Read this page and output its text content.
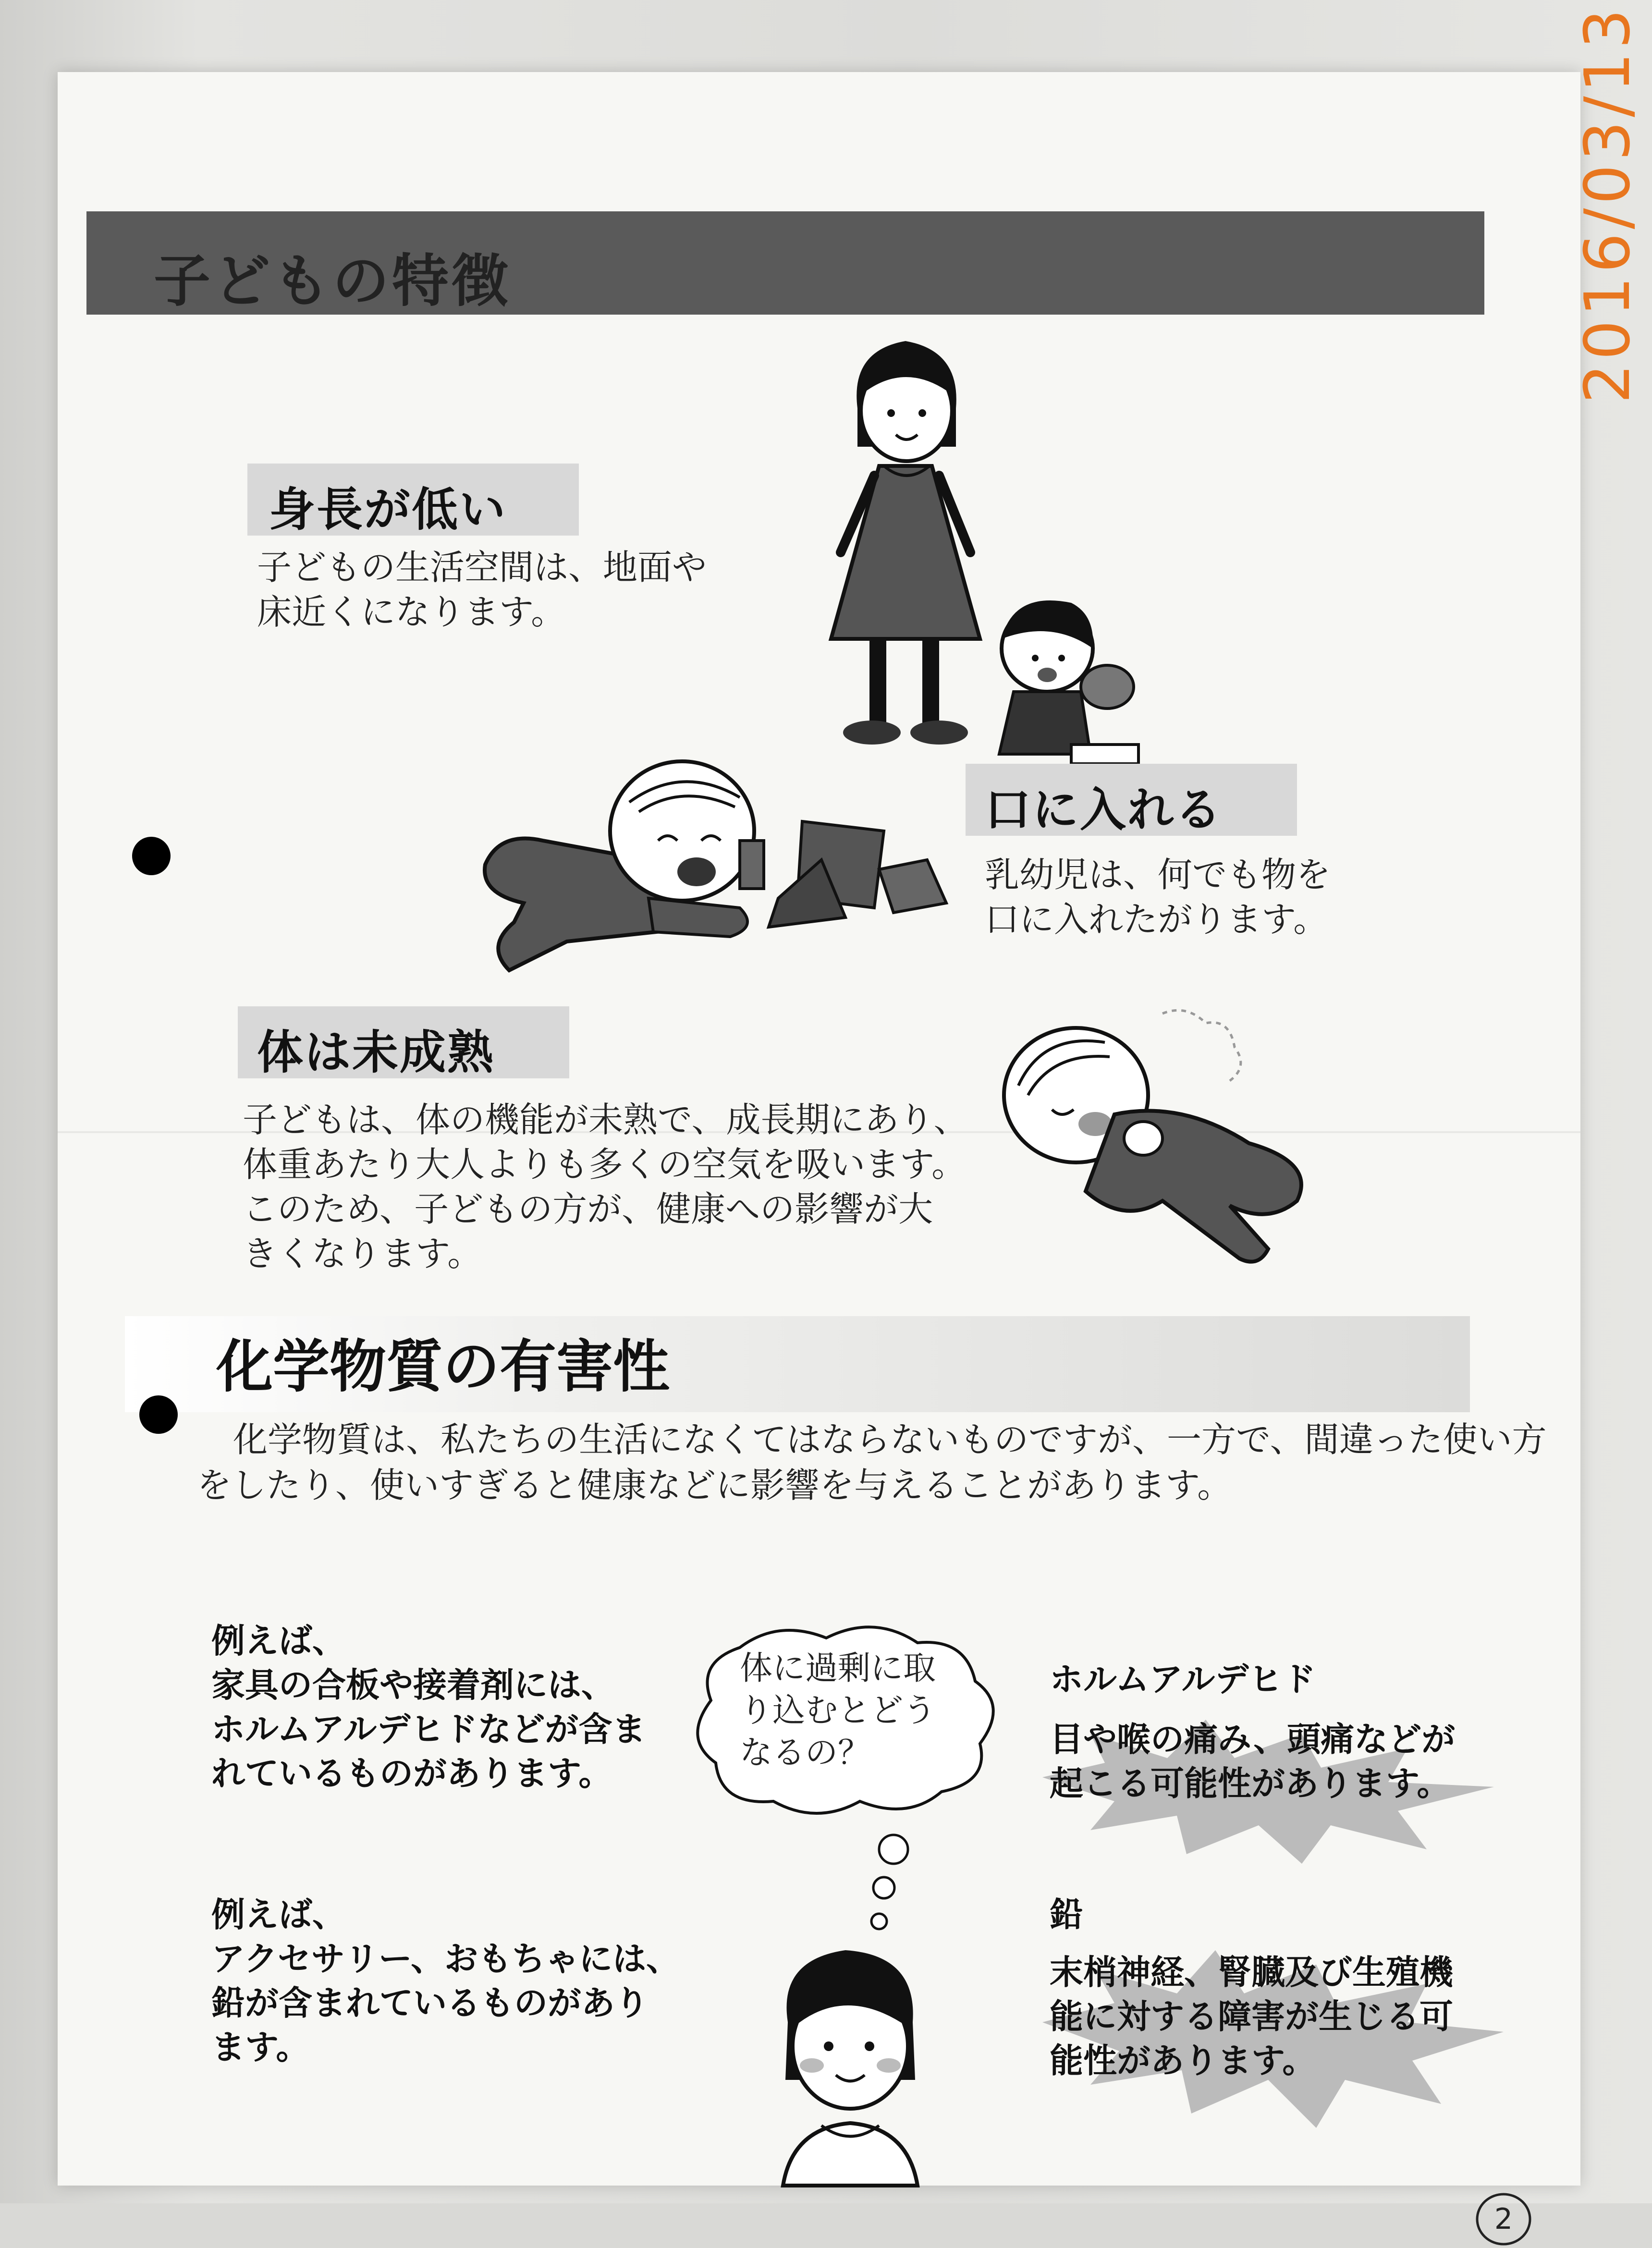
子どもの特徴
身長が低い

子どもの生活空間は、地面や
床近くになります。

口に入れる

乳幼児は、何でも物を
口に入れたがります。

体は未成熟

子どもは、体の機能が未熟で、成長期にあり、
体重あたり大人よりも多くの空気を吸います。
このため、子どもの方が、健康への影響が大
きくなります。

化学物質の有害性

化学物質は、私たちの生活になくてはならないものですが、一方で、間違った使い方をしたり、使いすぎると健康などに影響を与えることがあります。

例えば、
家具の合板や接着剤には、
ホルムアルデヒドなどが含ま
れているものがあります。

体に過剰に取
り込むとどう
なるの？

ホルムアルデヒド

目や喉の痛み、頭痛などが
起こる可能性があります。

例えば、
アクセサリー、おもちゃには、
鉛が含まれているものがあり
ます。

鉛

末梢神経、腎臓及び生殖機
能に対する障害が生じる可
能性があります。

2
2016/03/13
